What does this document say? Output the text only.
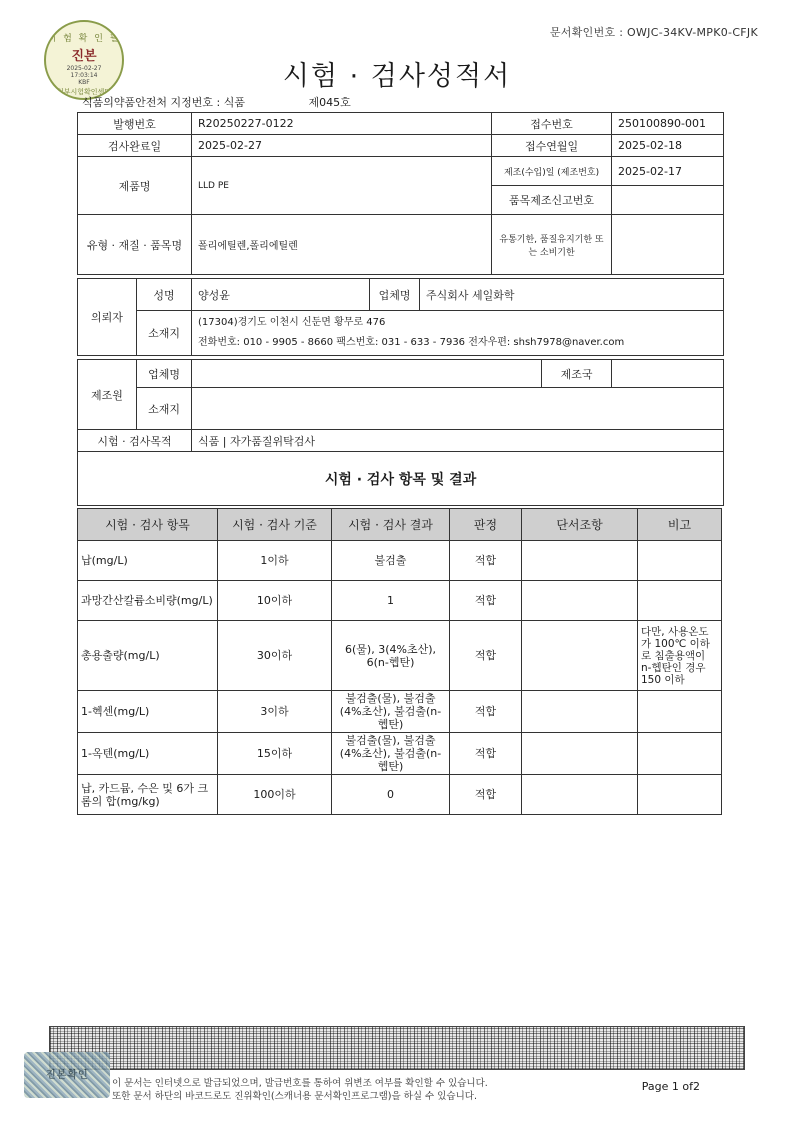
문서확인번호 : OWJC-34KV-MPK0-CFJK
시 험 확 인 필
진본
2025-02-27
17:03:14
KBF
청부시험확인센터	시험 · 검사성적서
식품의약품안전처 지정번호 : 식품	제045호
발행번호		R20250227-0122			접수번호		250100890-001
검사완료일		2025-02-27			접수연월일		2025-02-18
제품명		LLD PE			제조(수입)일 (제조번호)		2025-02-17
					품목제조신고번호		
유형 · 재질 · 품목명		폴리에틸렌,폴리에틸렌			유통기한, 품질유지기한 또는 소비기한		

의뢰자	성명	양성윤	업체명	주식회사 세일화학			
	소재지	(17304)경기도 이천시 신둔면 황무로 476
전화번호: 010 - 9905 - 8660 팩스번호: 031 - 633 - 7936 전자우편: shsh7978@naver.com					

제조원	업체명					제조국	
	소재지						
시험 · 검사목적		식품 | 자가품질위탁검사					
시험 · 검사 항목 및 결과							
시험 · 검사 항목	시험 · 검사 기준	시험 · 검사 결과	판정	단서조항	비고
납(mg/L)	1이하	불검출	적합		
과망간산칼륨소비량(mg/L)	10이하	1	적합		
총용출량(mg/L)	30이하	6(물), 3(4%초산), 6(n-헵탄)	적합		다만, 사용온도가 100℃ 이하로 침출용액이 n-헵탄인 경우 150 이하
1-헥센(mg/L)	3이하	불검출(물), 불검출(4%초산), 불검출(n-헵탄)	적합		
1-옥텐(mg/L)	15이하	불검출(물), 불검출(4%초산), 불검출(n-헵탄)	적합		
납, 카드뮴, 수은 및 6가 크롬의 합(mg/kg)	100이하	0	적합		
진본확인
이 문서는 인터넷으로 발급되었으며, 발급번호를 통하여 위변조 여부를 확인할 수 있습니다.
또한 문서 하단의 바코드로도 진위확인(스캐너용 문서확인프로그램)을 하실 수 있습니다.
Page 1 of2
